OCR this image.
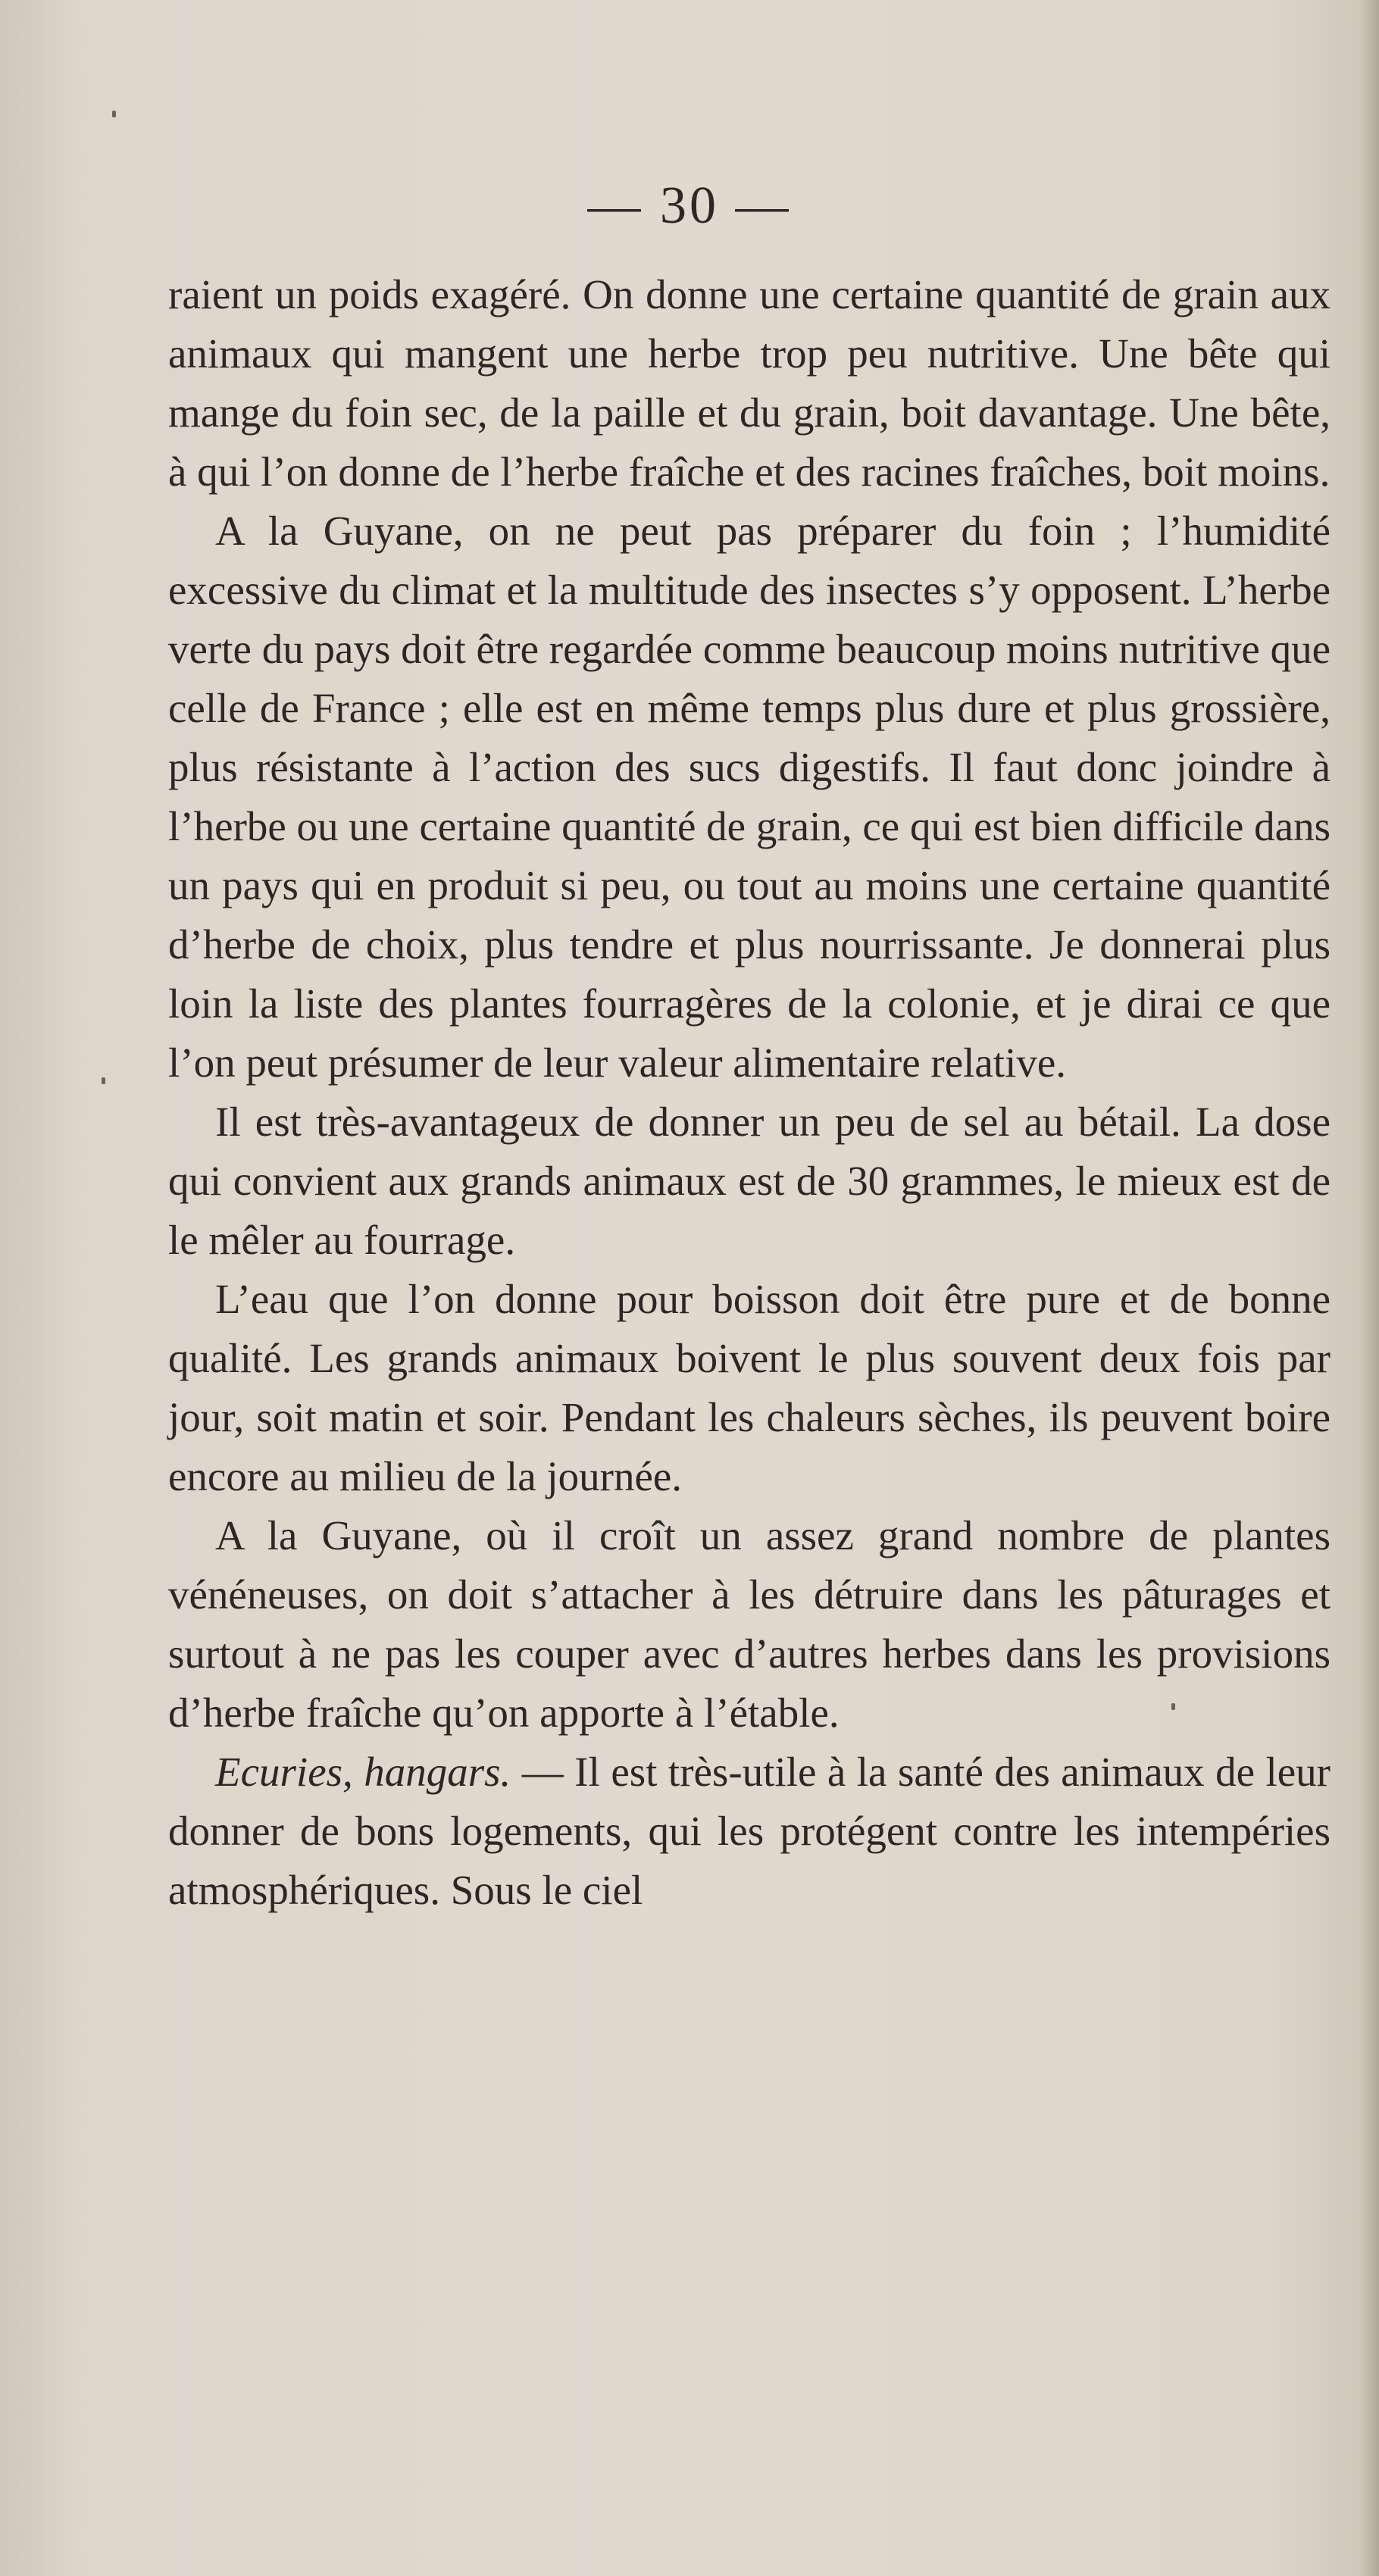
— 30 —

raient un poids exagéré. On donne une certaine quantité de grain aux animaux qui mangent une herbe trop peu nutritive. Une bête qui mange du foin sec, de la paille et du grain, boit davantage. Une bête, à qui l’on donne de l’herbe fraîche et des racines fraîches, boit moins.

A la Guyane, on ne peut pas préparer du foin ; l’humidité excessive du climat et la multitude des insectes s’y opposent. L’herbe verte du pays doit être regardée comme beaucoup moins nutritive que celle de France ; elle est en même temps plus dure et plus grossière, plus résistante à l’action des sucs digestifs. Il faut donc joindre à l’herbe ou une certaine quantité de grain, ce qui est bien difficile dans un pays qui en produit si peu, ou tout au moins une certaine quantité d’herbe de choix, plus tendre et plus nourrissante. Je donnerai plus loin la liste des plantes fourragères de la colonie, et je dirai ce que l’on peut présumer de leur valeur alimentaire relative.

Il est très-avantageux de donner un peu de sel au bétail. La dose qui convient aux grands animaux est de 30 grammes, le mieux est de le mêler au fourrage.

L’eau que l’on donne pour boisson doit être pure et de bonne qualité. Les grands animaux boivent le plus souvent deux fois par jour, soit matin et soir. Pendant les chaleurs sèches, ils peuvent boire encore au milieu de la journée.

A la Guyane, où il croît un assez grand nombre de plantes vénéneuses, on doit s’attacher à les détruire dans les pâturages et surtout à ne pas les couper avec d’autres herbes dans les provisions d’herbe fraîche qu’on apporte à l’étable.

Ecuries, hangars. — Il est très-utile à la santé des animaux de leur donner de bons logements, qui les protégent contre les intempéries atmosphériques. Sous le ciel
